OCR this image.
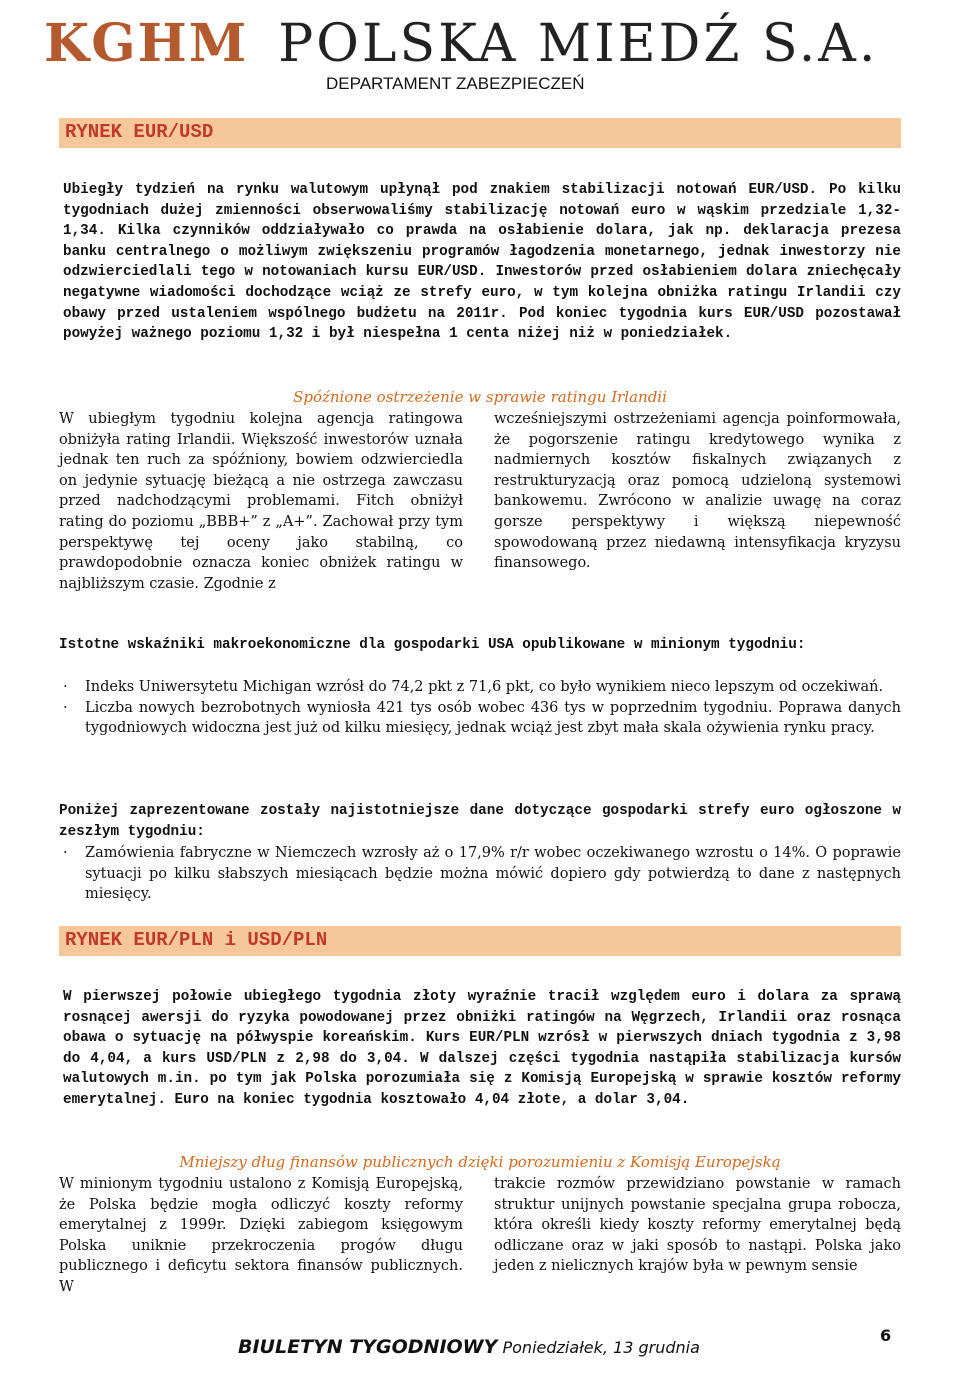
KGHM POLSKA MIEDŹ S.A.
DEPARTAMENT ZABEZPIECZEŃ
RYNEK EUR/USD
Ubiegły tydzień na rynku walutowym upłynął pod znakiem stabilizacji notowań EUR/USD. Po kilku tygodniach dużej zmienności obserwowaliśmy stabilizację notowań euro w wąskim przedziale 1,32-1,34. Kilka czynników oddziaływało co prawda na osłabienie dolara, jak np. deklaracja prezesa banku centralnego o możliwym zwiększeniu programów łagodzenia monetarnego, jednak inwestorzy nie odzwierciedlali tego w notowaniach kursu EUR/USD. Inwestorów przed osłabieniem dolara zniechęcały negatywne wiadomości dochodzące wciąż ze strefy euro, w tym kolejna obniżka ratingu Irlandii czy obawy przed ustaleniem wspólnego budżetu na 2011r. Pod koniec tygodnia kurs EUR/USD pozostawał powyżej ważnego poziomu 1,32 i był niespełna 1 centa niżej niż w poniedziałek.
Spóźnione ostrzeżenie w sprawie ratingu Irlandii
W ubiegłym tygodniu kolejna agencja ratingowa obniżyła rating Irlandii. Większość inwestorów uznała jednak ten ruch za spóźniony, bowiem odzwierciedla on jedynie sytuację bieżącą a nie ostrzega zawczasu przed nadchodzącymi problemami. Fitch obniżył rating do poziomu „BBB+” z „A+”. Zachował przy tym perspektywę tej oceny jako stabilną, co prawdopodobnie oznacza koniec obniżek ratingu w najbliższym czasie. Zgodnie z
wcześniejszymi ostrzeżeniami agencja poinformowała, że pogorszenie ratingu kredytowego wynika z nadmiernych kosztów fiskalnych związanych z restrukturyzacją oraz pomocą udzieloną systemowi bankowemu. Zwrócono w analizie uwagę na coraz gorsze perspektywy i większą niepewność spowodowaną przez niedawną intensyfikacja kryzysu finansowego.
Istotne wskaźniki makroekonomiczne dla gospodarki USA opublikowane w minionym tygodniu:
· Indeks Uniwersytetu Michigan wzrósł do 74,2 pkt z 71,6 pkt, co było wynikiem nieco lepszym od oczekiwań.
· Liczba nowych bezrobotnych wyniosła 421 tys osób wobec 436 tys w poprzednim tygodniu. Poprawa danych tygodniowych widoczna jest już od kilku miesięcy, jednak wciąż jest zbyt mała skala ożywienia rynku pracy.
Poniżej zaprezentowane zostały najistotniejsze dane dotyczące gospodarki strefy euro ogłoszone w zeszłym tygodniu:
· Zamówienia fabryczne w Niemczech wzrosły aż o 17,9% r/r wobec oczekiwanego wzrostu o 14%. O poprawie sytuacji po kilku słabszych miesiącach będzie można mówić dopiero gdy potwierdzą to dane z następnych miesięcy.
RYNEK EUR/PLN i USD/PLN
W pierwszej połowie ubiegłego tygodnia złoty wyraźnie tracił względem euro i dolara za sprawą rosnącej awersji do ryzyka powodowanej przez obniżki ratingów na Węgrzech, Irlandii oraz rosnąca obawa o sytuację na półwyspie koreańskim. Kurs EUR/PLN wzrósł w pierwszych dniach tygodnia z 3,98 do 4,04, a kurs USD/PLN z 2,98 do 3,04. W dalszej części tygodnia nastąpiła stabilizacja kursów walutowych m.in. po tym jak Polska porozumiała się z Komisją Europejską w sprawie kosztów reformy emerytalnej. Euro na koniec tygodnia kosztowało 4,04 złote, a dolar 3,04.
Mniejszy dług finansów publicznych dzięki porozumieniu z Komisją Europejską
W minionym tygodniu ustalono z Komisją Europejską, że Polska będzie mogła odliczyć koszty reformy emerytalnej z 1999r. Dzięki zabiegom księgowym Polska uniknie przekroczenia progów długu publicznego i deficytu sektora finansów publicznych. W
trakcie rozmów przewidziano powstanie w ramach struktur unijnych powstanie specjalna grupa robocza, która określi kiedy koszty reformy emerytalnej będą odliczane oraz w jaki sposób to nastąpi. Polska jako jeden z nielicznych krajów była w pewnym sensie
BIULETYN TYGODNIOWY Poniedziałek, 13 grudnia
6
